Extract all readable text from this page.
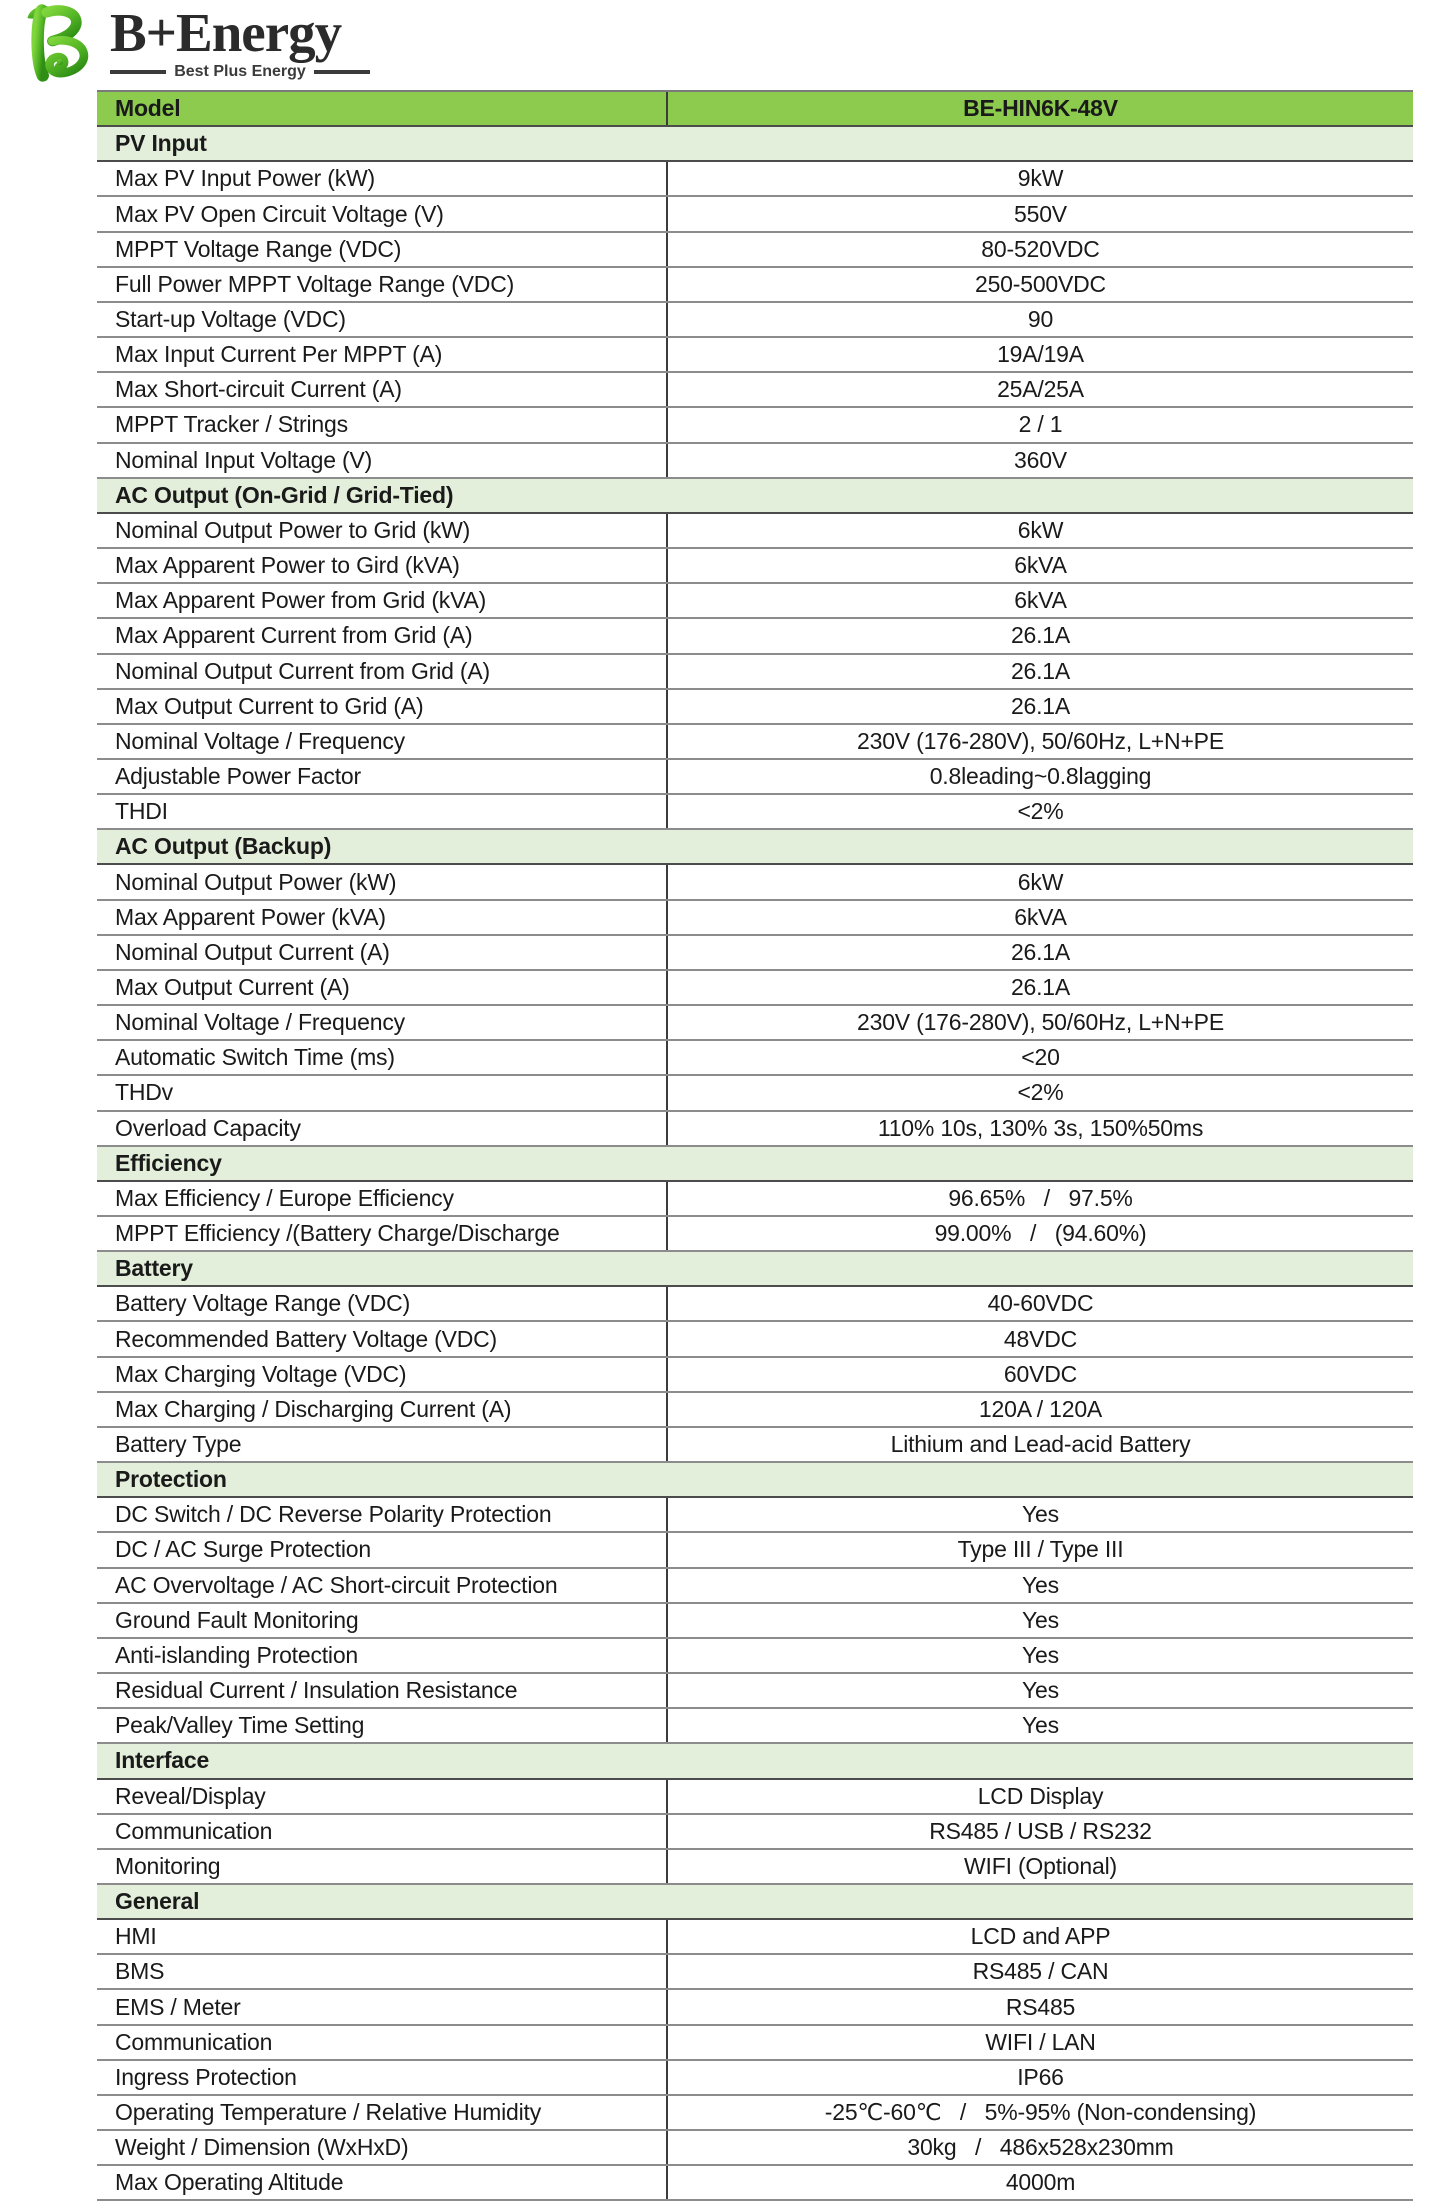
B+Energy
Best Plus Energy
Model	BE-HIN6K-48V
PV Input
Max PV Input Power (kW)	9kW
Max PV Open Circuit Voltage (V)	550V
MPPT Voltage Range (VDC)	80-520VDC
Full Power MPPT Voltage Range (VDC)	250-500VDC
Start-up Voltage (VDC)	90
Max Input Current Per MPPT (A)	19A/19A
Max Short-circuit Current (A)	25A/25A
MPPT Tracker / Strings	2 / 1
Nominal Input Voltage (V)	360V
AC Output (On-Grid / Grid-Tied)
Nominal Output Power to Grid (kW)	6kW
Max Apparent Power to Gird (kVA)	6kVA
Max Apparent Power from Grid (kVA)	6kVA
Max Apparent Current from Grid (A)	26.1A
Nominal Output Current from Grid (A)	26.1A
Max Output Current to Grid (A)	26.1A
Nominal Voltage / Frequency	230V (176-280V), 50/60Hz, L+N+PE
Adjustable Power Factor	0.8leading~0.8lagging
THDI	<2%
AC Output (Backup)
Nominal Output Power (kW)	6kW
Max Apparent Power (kVA)	6kVA
Nominal Output Current (A)	26.1A
Max Output Current (A)	26.1A
Nominal Voltage / Frequency	230V (176-280V), 50/60Hz, L+N+PE
Automatic Switch Time (ms)	<20
THDv	<2%
Overload Capacity	110% 10s, 130% 3s, 150%50ms
Efficiency
Max Efficiency / Europe Efficiency	96.65%   /   97.5%
MPPT Efficiency /(Battery Charge/Discharge	99.00%   /   (94.60%)
Battery
Battery Voltage Range (VDC)	40-60VDC
Recommended Battery Voltage (VDC)	48VDC
Max Charging Voltage (VDC)	60VDC
Max Charging / Discharging Current (A)	120A / 120A
Battery Type	Lithium and Lead-acid Battery
Protection
DC Switch / DC Reverse Polarity Protection	Yes
DC / AC Surge Protection	Type III / Type III
AC Overvoltage / AC Short-circuit Protection	Yes
Ground Fault Monitoring	Yes
Anti-islanding Protection	Yes
Residual Current / Insulation Resistance	Yes
Peak/Valley Time Setting	Yes
Interface
Reveal/Display	LCD Display
Communication	RS485 / USB / RS232
Monitoring	WIFI (Optional)
General
HMI	LCD and APP
BMS	RS485 / CAN
EMS / Meter	RS485
Communication	WIFI / LAN
Ingress Protection	IP66
Operating Temperature / Relative Humidity	-25℃-60℃   /   5%-95% (Non-condensing)
Weight / Dimension (WxHxD)	30kg   /   486x528x230mm
Max Operating Altitude	4000m
